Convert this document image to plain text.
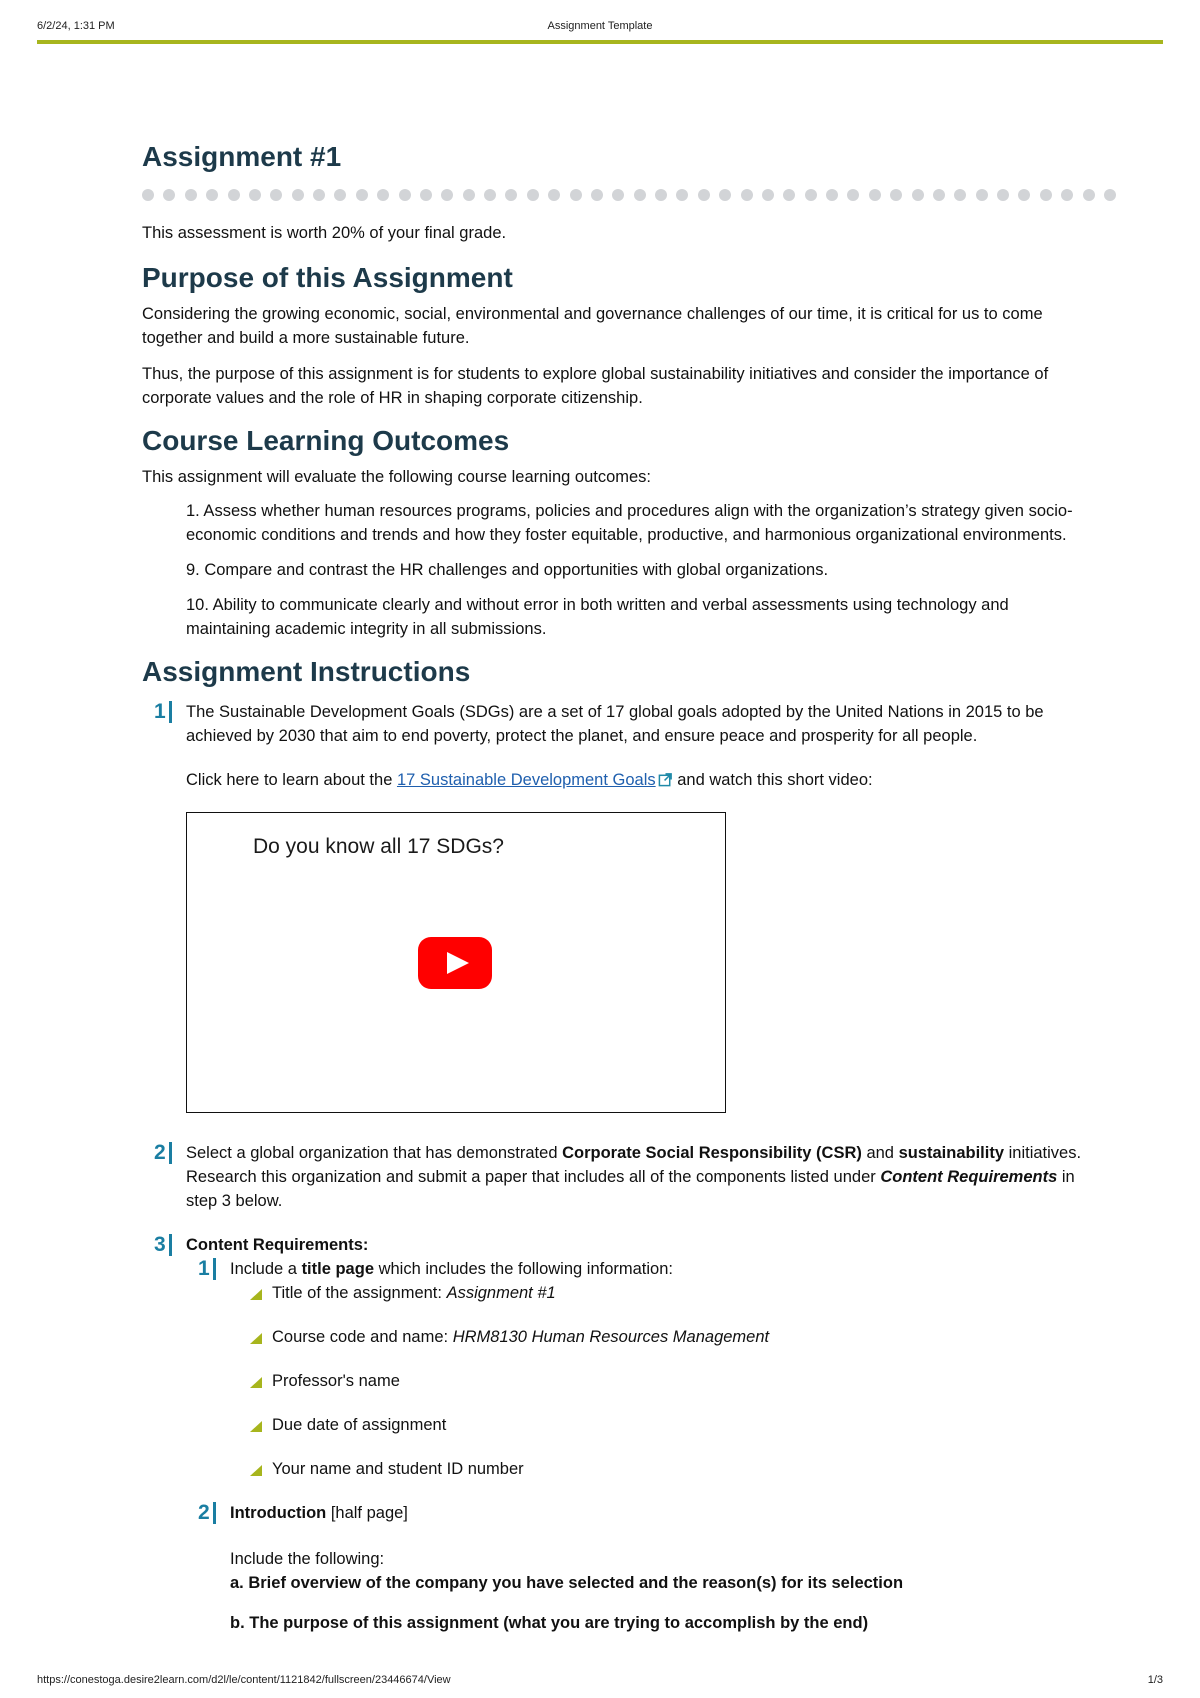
6/2/24, 1:31 PM	Assignment Template
Assignment #1

This assessment is worth 20% of your final grade.

Purpose of this Assignment

Considering the growing economic, social, environmental and governance challenges of our time, it is critical for us to come together and build a more sustainable future.

Thus, the purpose of this assignment is for students to explore global sustainability initiatives and consider the importance of corporate values and the role of HR in shaping corporate citizenship.

Course Learning Outcomes

This assignment will evaluate the following course learning outcomes:

1. Assess whether human resources programs, policies and procedures align with the organization’s strategy given socio-economic conditions and trends and how they foster equitable, productive, and harmonious organizational environments.

9. Compare and contrast the HR challenges and opportunities with global organizations.

10. Ability to communicate clearly and without error in both written and verbal assessments using technology and maintaining academic integrity in all submissions.

Assignment Instructions
1	The Sustainable Development Goals (SDGs) are a set of 17 global goals adopted by the United Nations in 2015 to be achieved by 2030 that aim to end poverty, protect the planet, and ensure peace and prosperity for all people.

Click here to learn about the 17 Sustainable Development Goals and watch this short video:

Do you know all 17 SDGs?
2	Select a global organization that has demonstrated Corporate Social Responsibility (CSR) and sustainability initiatives. Research this organization and submit a paper that includes all of the components listed under Content Requirements in step 3 below.

3	Content Requirements:

1	Include a title page which includes the following information:

Title of the assignment: Assignment #1
Course code and name: HRM8130 Human Resources Management
Professor's name
Due date of assignment
Your name and student ID number
2	Introduction [half page]

Include the following:

a. Brief overview of the company you have selected and the reason(s) for its selection

b. The purpose of this assignment (what you are trying to accomplish by the end)

https://conestoga.desire2learn.com/d2l/le/content/1121842/fullscreen/23446674/View	1/3
